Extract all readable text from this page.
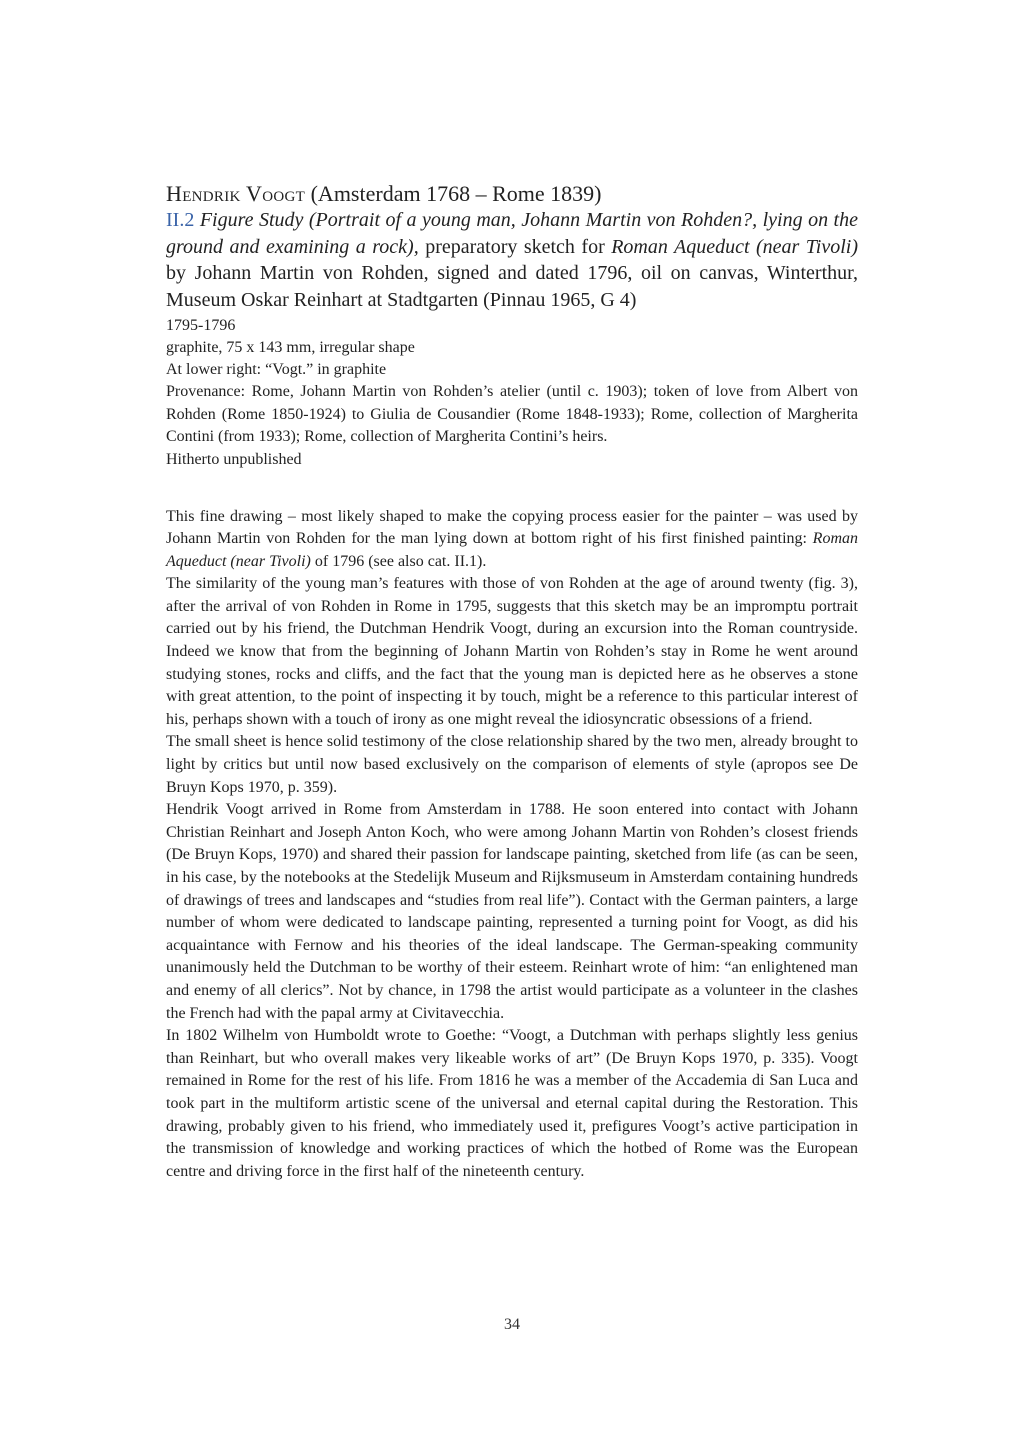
Hendrik Voogt (Amsterdam 1768 – Rome 1839)

II.2 Figure Study (Portrait of a young man, Johann Martin von Rohden?, lying on the ground and examining a rock), preparatory sketch for Roman Aqueduct (near Tivoli) by Johann Martin von Rohden, signed and dated 1796, oil on canvas, Winterthur, Museum Oskar Reinhart at Stadtgarten (Pinnau 1965, G 4)

1795-1796

graphite, 75 x 143 mm, irregular shape

At lower right: “Vogt.” in graphite

Provenance: Rome, Johann Martin von Rohden’s atelier (until c. 1903); token of love from Albert von Rohden (Rome 1850-1924) to Giulia de Cousandier (Rome 1848-1933); Rome, collection of Margherita Contini (from 1933); Rome, collection of Margherita Contini’s heirs.

Hitherto unpublished

This fine drawing – most likely shaped to make the copying process easier for the painter – was used by Johann Martin von Rohden for the man lying down at bottom right of his first finished painting: Roman Aqueduct (near Tivoli) of 1796 (see also cat. II.1).

The similarity of the young man’s features with those of von Rohden at the age of around twenty (fig. 3), after the arrival of von Rohden in Rome in 1795, suggests that this sketch may be an impromptu portrait carried out by his friend, the Dutchman Hendrik Voogt, during an excursion into the Roman countryside. Indeed we know that from the beginning of Johann Martin von Rohden’s stay in Rome he went around studying stones, rocks and cliffs, and the fact that the young man is depicted here as he observes a stone with great attention, to the point of inspecting it by touch, might be a reference to this particular interest of his, perhaps shown with a touch of irony as one might reveal the idiosyncratic obsessions of a friend.

The small sheet is hence solid testimony of the close relationship shared by the two men, already brought to light by critics but until now based exclusively on the comparison of elements of style (apropos see De Bruyn Kops 1970, p. 359).

Hendrik Voogt arrived in Rome from Amsterdam in 1788. He soon entered into contact with Johann Christian Reinhart and Joseph Anton Koch, who were among Johann Martin von Rohden’s closest friends (De Bruyn Kops, 1970) and shared their passion for landscape painting, sketched from life (as can be seen, in his case, by the notebooks at the Stedelijk Museum and Rijksmuseum in Amsterdam containing hundreds of drawings of trees and landscapes and “studies from real life”). Contact with the German painters, a large number of whom were dedicated to landscape painting, represented a turning point for Voogt, as did his acquaintance with Fernow and his theories of the ideal landscape. The German-speaking community unanimously held the Dutchman to be worthy of their esteem. Reinhart wrote of him: “an enlightened man and enemy of all clerics”. Not by chance, in 1798 the artist would participate as a volunteer in the clashes the French had with the papal army at Civitavecchia.

In 1802 Wilhelm von Humboldt wrote to Goethe: “Voogt, a Dutchman with perhaps slightly less genius than Reinhart, but who overall makes very likeable works of art” (De Bruyn Kops 1970, p. 335). Voogt remained in Rome for the rest of his life. From 1816 he was a member of the Accademia di San Luca and took part in the multiform artistic scene of the universal and eternal capital during the Restoration. This drawing, probably given to his friend, who immediately used it, prefigures Voogt’s active participation in the transmission of knowledge and working practices of which the hotbed of Rome was the European centre and driving force in the first half of the nineteenth century.

34
